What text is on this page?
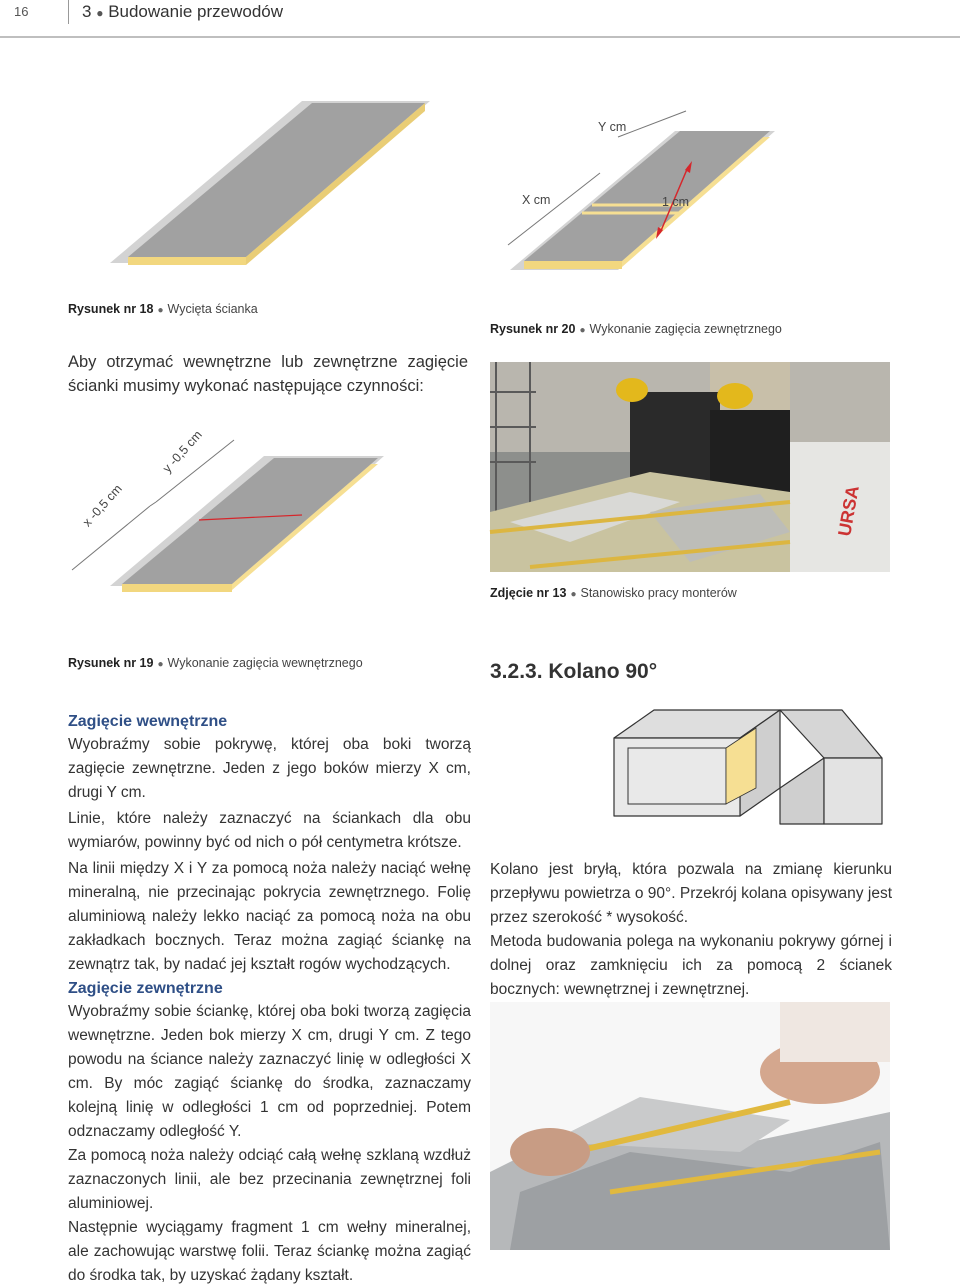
16	3 ● Budowanie przewodów
Y cm
X cm	1 cm
Rysunek nr 18 ● Wycięta ścianka
Rysunek nr 20 ● Wykonanie zagięcia zewnętrznego
Aby otrzymać wewnętrzne lub zewnętrzne zagięcie ścianki musimy wykonać następujące czynności:
x -0,5 cm
y -0,5 cm
URSA
Zdjęcie nr 13 ● Stanowisko pracy monterów
Rysunek nr 19 ● Wykonanie zagięcia wewnętrznego	3.2.3. Kolano 90°
Zagięcie wewnętrzne

Wyobraźmy sobie pokrywę, której oba boki tworzą zagięcie zewnętrzne. Jeden z jego boków mierzy X cm, drugi Y cm.

Linie, które należy zaznaczyć na ściankach dla obu wymiarów, powinny być od nich o pół centymetra krótsze.

Na linii między X i Y za pomocą noża należy naciąć wełnę mineralną, nie przecinając pokrycia zewnętrznego. Folię aluminiową należy lekko naciąć za pomocą noża na obu zakładkach bocznych. Teraz można zagiąć ściankę na zewnątrz tak, by nadać jej kształt rogów wychodzących.

Kolano jest bryłą, która pozwala na zmianę kierunku przepływu powietrza o 90°. Przekrój kolana opisywany jest przez szerokość * wysokość.

Metoda budowania polega na wykonaniu pokrywy górnej i dolnej oraz zamknięciu ich za pomocą 2 ścianek bocznych: wewnętrznej i zewnętrznej.

Zagięcie zewnętrzne

Wyobraźmy sobie ściankę, której oba boki tworzą zagięcia wewnętrzne. Jeden bok mierzy X cm, drugi Y cm. Z tego powodu na ściance należy zaznaczyć linię w odległości X cm. By móc zagiąć ściankę do środka, zaznaczamy kolejną linię w odległości 1 cm od poprzedniej. Potem odznaczamy odległość Y.

Za pomocą noża należy odciąć całą wełnę szklaną wzdłuż zaznaczonych linii, ale bez przecinania zewnętrznej foli aluminiowej.

Następnie wyciągamy fragment 1 cm wełny mineralnej, ale zachowując warstwę folii. Teraz ściankę można zagiąć do środka tak, by uzyskać żądany kształt.
